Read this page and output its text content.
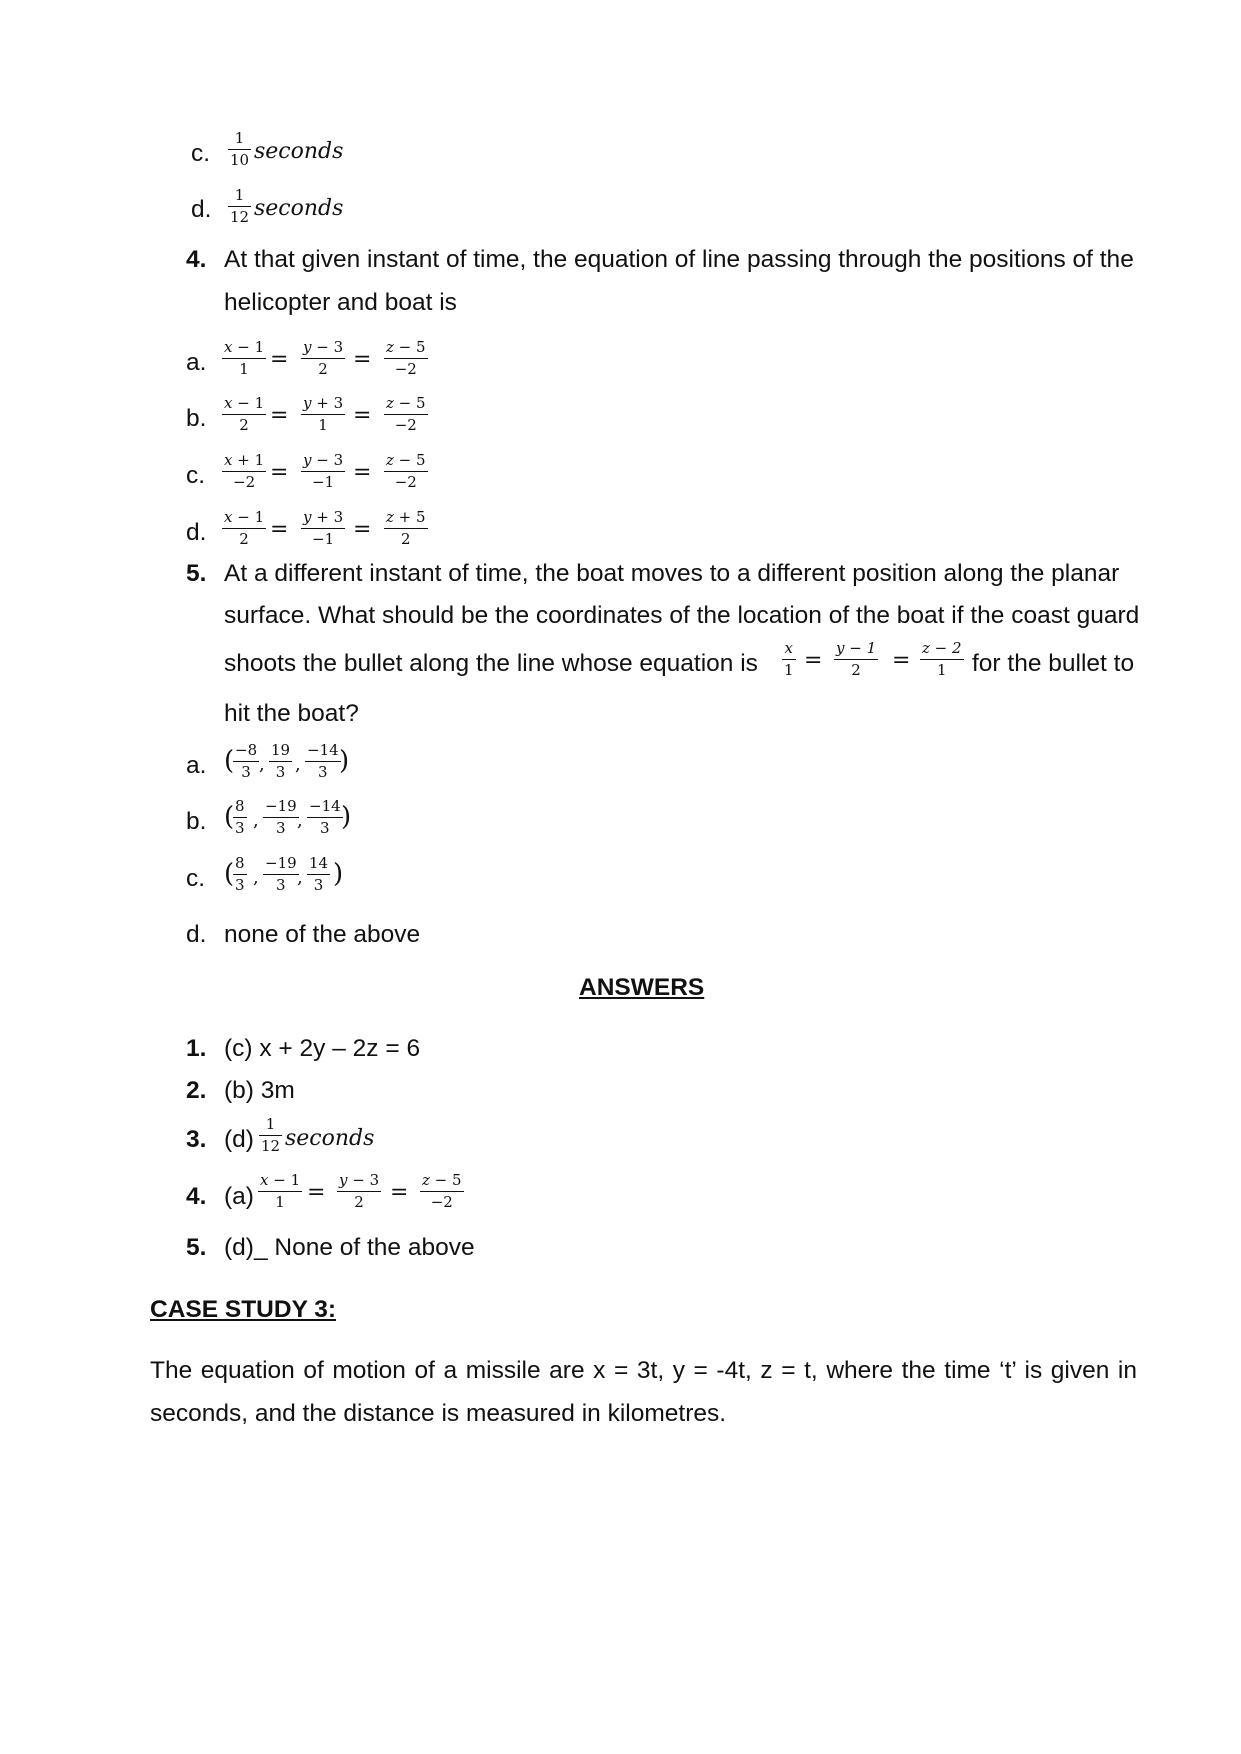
c. $\frac{1}{10}$ seconds
d. $\frac{1}{12}$ seconds
4. At that given instant of time, the equation of line passing through the positions of the
helicopter and boat is
a. $\frac{x - 1}{1} = \frac{y - 3}{2} = \frac{z - 5}{-2}$
b. $\frac{x - 1}{2} = \frac{y + 3}{1} = \frac{z - 5}{-2}$
c. $\frac{x + 1}{-2} = \frac{y - 3}{-1} = \frac{z - 5}{-2}$
d. $\frac{x - 1}{2} = \frac{y + 3}{-1} = \frac{z + 5}{2}$
5. At a different instant of time, the boat moves to a different position along the planar
surface. What should be the coordinates of the location of the boat if the coast guard
shoots the bullet along the line whose equation is $\frac{x}{1} = \frac{y - 1}{2} = \frac{z - 2}{1}$ for the bullet to
hit the boat?
a. (
$\frac{-8}{3}$ , $\frac{19}{3}$ , $\frac{-14}{3}$
)
b. (
$\frac{8}{3}$ , $\frac{-19}{3}$
, $\frac{-14}{3}$
)
c. (
$\frac{8}{3}$ , $\frac{-19}{3}$
, $\frac{14}{3}$ )
d. none of the above
ANSWERS
1. (c) x + 2y – 2z = 6
2. (b) 3m
3. $(d) \frac{1}{12}$ seconds
4. $(a) \frac{x - 1}{1} = \frac{y - 3}{2} = \frac{z - 5}{-2}$
5. (d)_ None of the above
CASE STUDY 3:
The equation of motion of a missile are x = 3t, y = -4t, z = t, where the time ‘t’ is given in seconds, and the distance is measured in kilometres.
